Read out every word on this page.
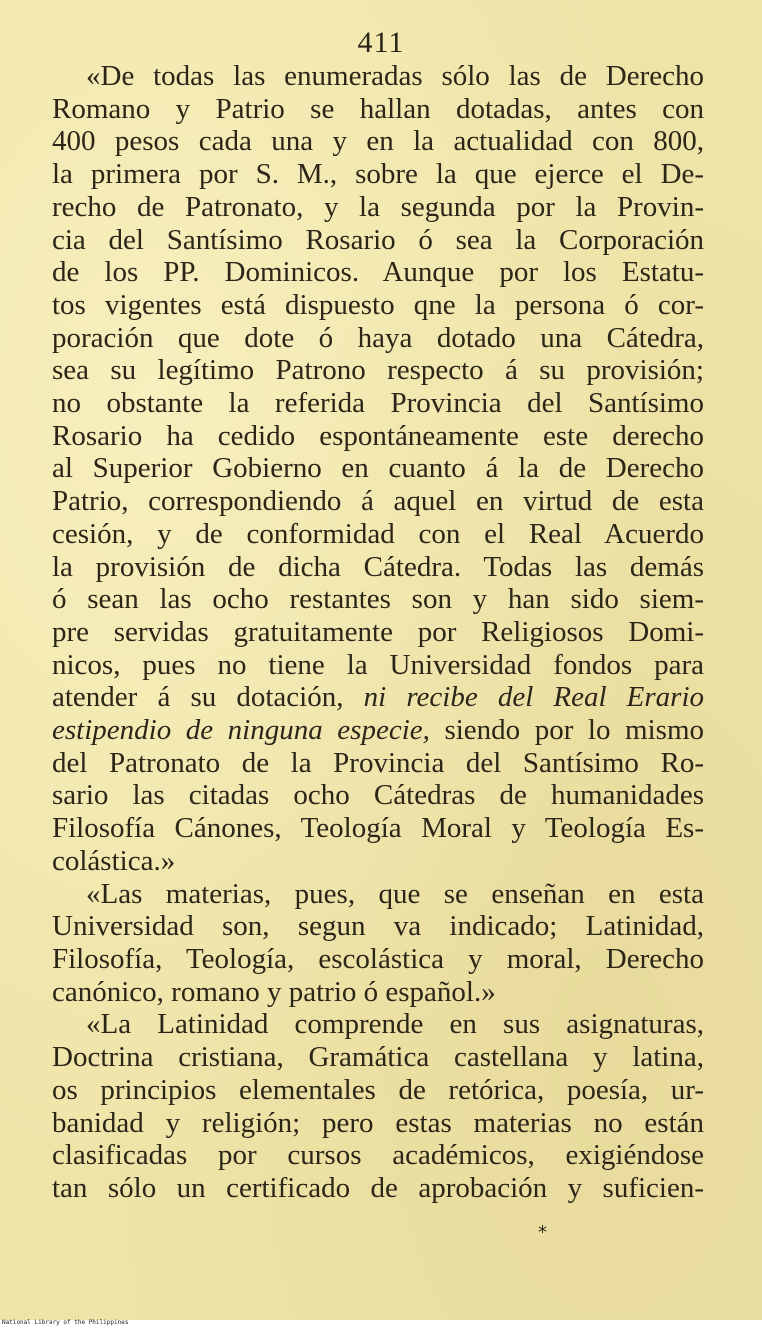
411
«De todas las enumeradas sólo las de Derecho
Romano y Patrio se hallan dotadas, antes con
400 pesos cada una y en la actualidad con 800,
la primera por S. M., sobre la que ejerce el De-
recho de Patronato, y la segunda por la Provin-
cia del Santísimo Rosario ó sea la Corporación
de los PP. Dominicos. Aunque por los Estatu-
tos vigentes está dispuesto qne la persona ó cor-
poración que dote ó haya dotado una Cátedra,
sea su legítimo Patrono respecto á su provisión;
no obstante la referida Provincia del Santísimo
Rosario ha cedido espontáneamente este derecho
al Superior Gobierno en cuanto á la de Derecho
Patrio, correspondiendo á aquel en virtud de esta
cesión, y de conformidad con el Real Acuerdo
la provisión de dicha Cátedra. Todas las demás
ó sean las ocho restantes son y han sido siem-
pre servidas gratuitamente por Religiosos Domi-
nicos, pues no tiene la Universidad fondos para
atender á su dotación, ni recibe del Real Erario
estipendio de ninguna especie, siendo por lo mismo
del Patronato de la Provincia del Santísimo Ro-
sario las citadas ocho Cátedras de humanidades
Filosofía Cánones, Teología Moral y Teología Es-
colástica.»
«Las materias, pues, que se enseñan en esta
Universidad son, segun va indicado; Latinidad,
Filosofía, Teología, escolástica y moral, Derecho
canónico, romano y patrio ó español.»
«La Latinidad comprende en sus asignaturas,
Doctrina cristiana, Gramática castellana y latina,
os principios elementales de retórica, poesía, ur-
banidad y religión; pero estas materias no están
clasificadas por cursos académicos, exigiéndose
tan sólo un certificado de aprobación y suficien-
*
National Library of the Philippines
